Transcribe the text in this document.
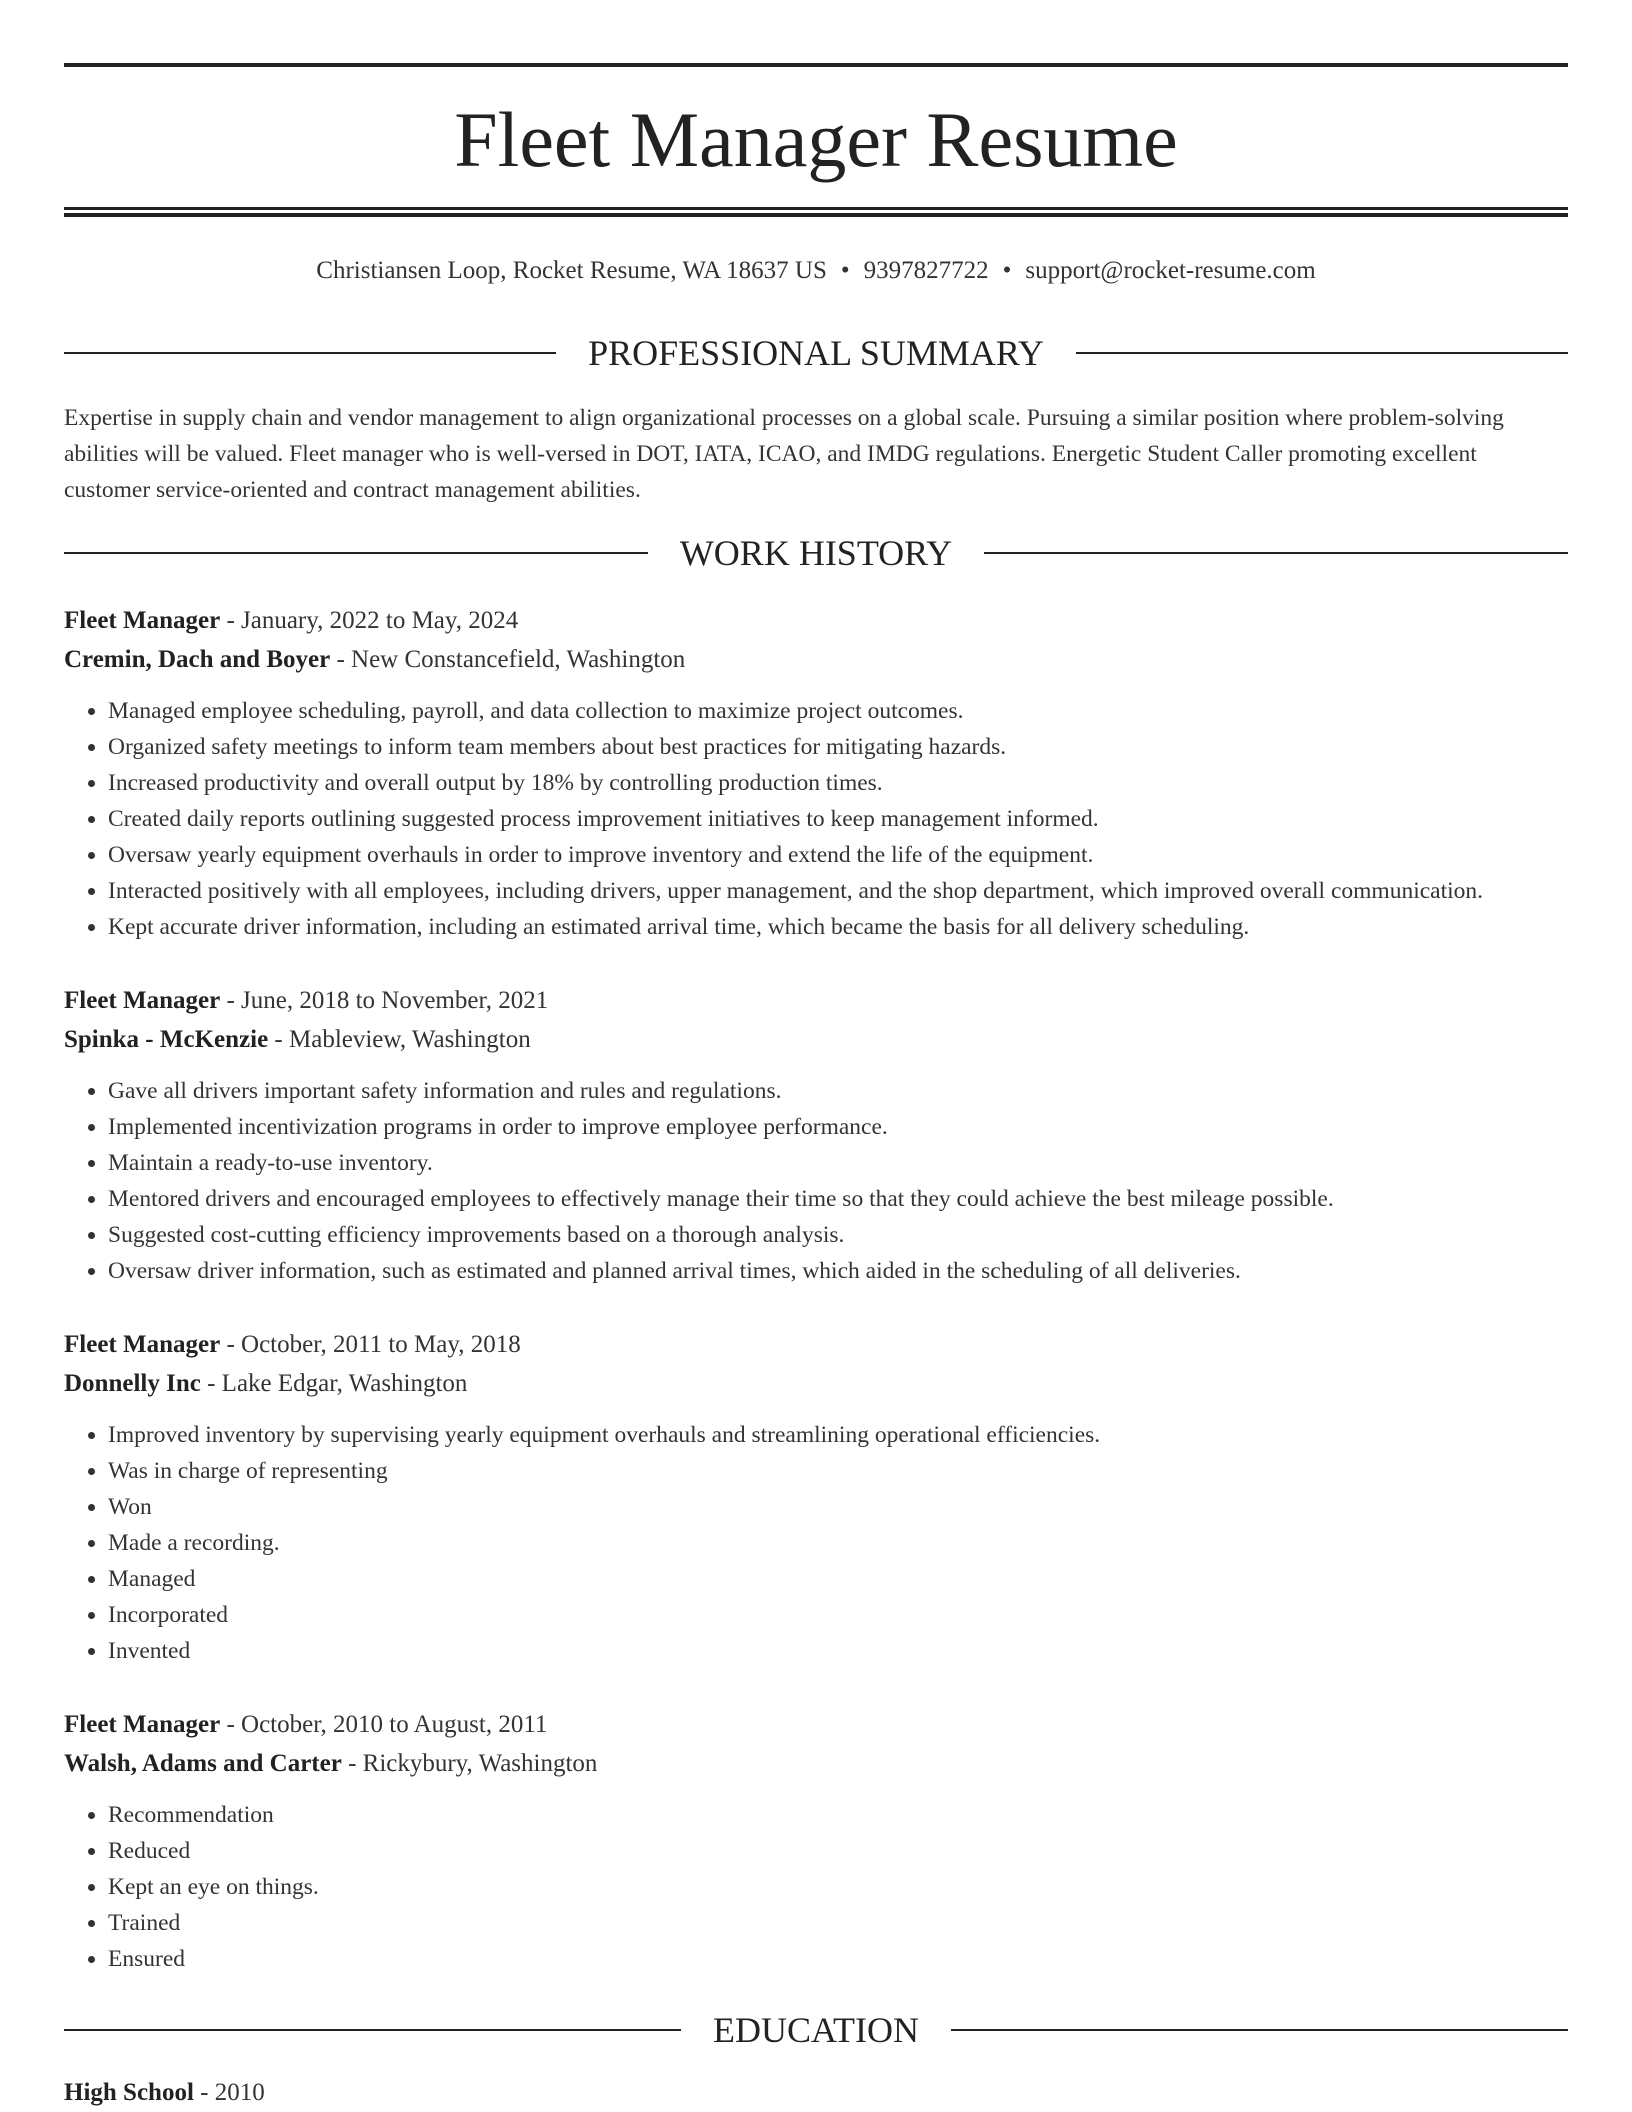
Fleet Manager Resume
Christiansen Loop, Rocket Resume, WA 18637 US • 9397827722 • support@rocket-resume.com
PROFESSIONAL SUMMARY
Expertise in supply chain and vendor management to align organizational processes on a global scale. Pursuing a similar position where problem-solving abilities will be valued. Fleet manager who is well-versed in DOT, IATA, ICAO, and IMDG regulations. Energetic Student Caller promoting excellent customer service-oriented and contract management abilities.
WORK HISTORY
Fleet Manager - January, 2022 to May, 2024
Cremin, Dach and Boyer - New Constancefield, Washington
• Managed employee scheduling, payroll, and data collection to maximize project outcomes.
• Organized safety meetings to inform team members about best practices for mitigating hazards.
• Increased productivity and overall output by 18% by controlling production times.
• Created daily reports outlining suggested process improvement initiatives to keep management informed.
• Oversaw yearly equipment overhauls in order to improve inventory and extend the life of the equipment.
• Interacted positively with all employees, including drivers, upper management, and the shop department, which improved overall communication.
• Kept accurate driver information, including an estimated arrival time, which became the basis for all delivery scheduling.
Fleet Manager - June, 2018 to November, 2021
Spinka - McKenzie - Mableview, Washington
• Gave all drivers important safety information and rules and regulations.
• Implemented incentivization programs in order to improve employee performance.
• Maintain a ready-to-use inventory.
• Mentored drivers and encouraged employees to effectively manage their time so that they could achieve the best mileage possible.
• Suggested cost-cutting efficiency improvements based on a thorough analysis.
• Oversaw driver information, such as estimated and planned arrival times, which aided in the scheduling of all deliveries.
Fleet Manager - October, 2011 to May, 2018
Donnelly Inc - Lake Edgar, Washington
• Improved inventory by supervising yearly equipment overhauls and streamlining operational efficiencies.
• Was in charge of representing
• Won
• Made a recording.
• Managed
• Incorporated
• Invented
Fleet Manager - October, 2010 to August, 2011
Walsh, Adams and Carter - Rickybury, Washington
• Recommendation
• Reduced
• Kept an eye on things.
• Trained
• Ensured
EDUCATION
High School - 2010
